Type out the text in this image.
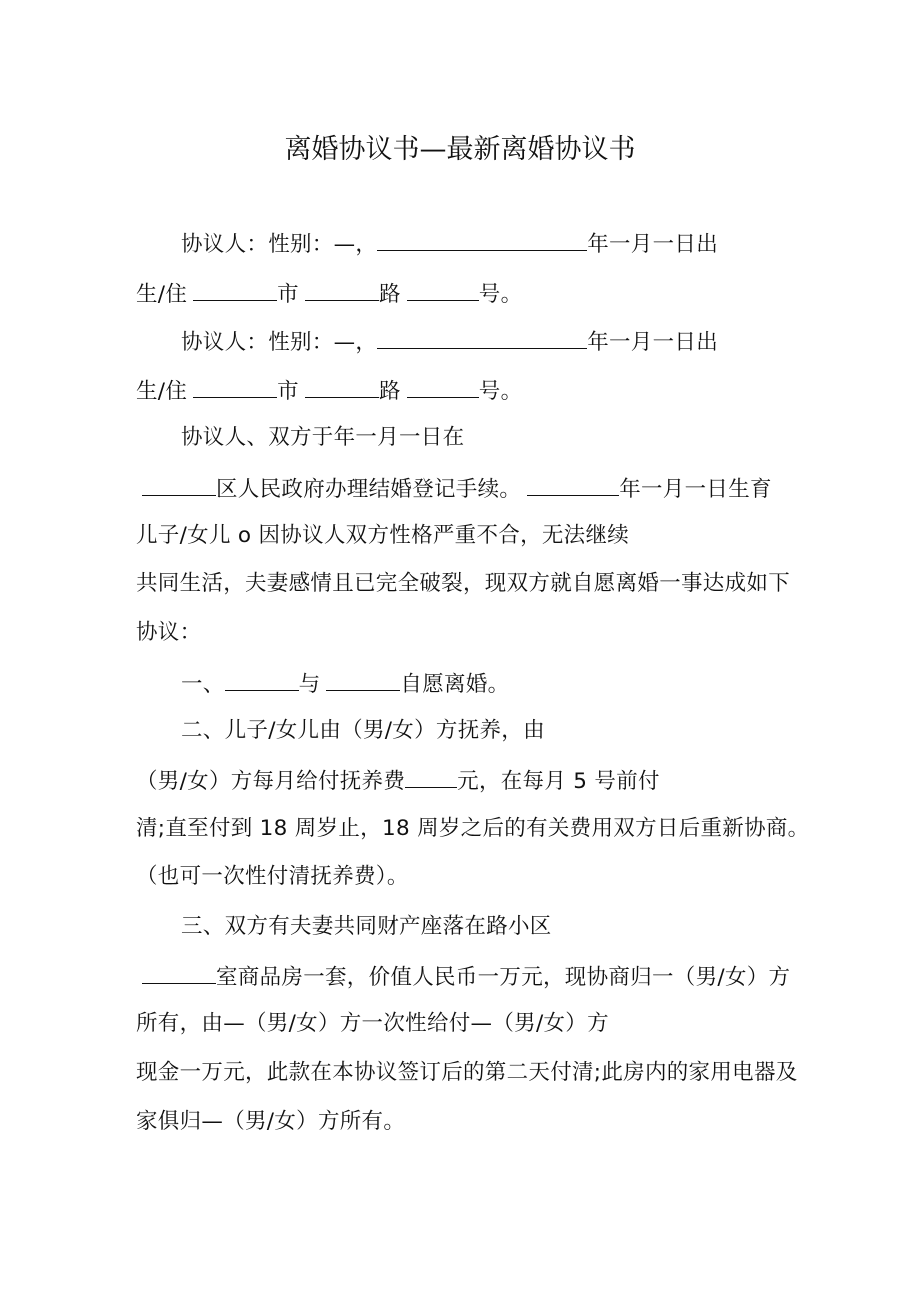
离婚协议书—最新离婚协议书
协议人：性别：—，	年一月一日出
生/住	市	路	号。
协议人：性别：—，	年一月一日出
生/住	市	路	号。
协议人、双方于年一月一日在
区人民政府办理结婚登记手续。	年一月一日生育
儿子/女儿 o 因协议人双方性格严重不合，无法继续
共同生活，夫妻感情且已完全破裂，现双方就自愿离婚一事达成如下
协议：
一、	与	自愿离婚。
二、儿子/女儿由（男/女）方抚养，由
（男/女）方每月给付抚养费 元，在每月 5 号前付
清;直至付到 18 周岁止，18 周岁之后的有关费用双方日后重新协商。
（也可一次性付清抚养费）。
三、双方有夫妻共同财产座落在路小区
室商品房一套，价值人民币一万元，现协商归一（男/女）方
所有，由—（男/女）方一次性给付—（男/女）方
现金一万元，此款在本协议签订后的第二天付清;此房内的家用电器及
家俱归—（男/女）方所有。
